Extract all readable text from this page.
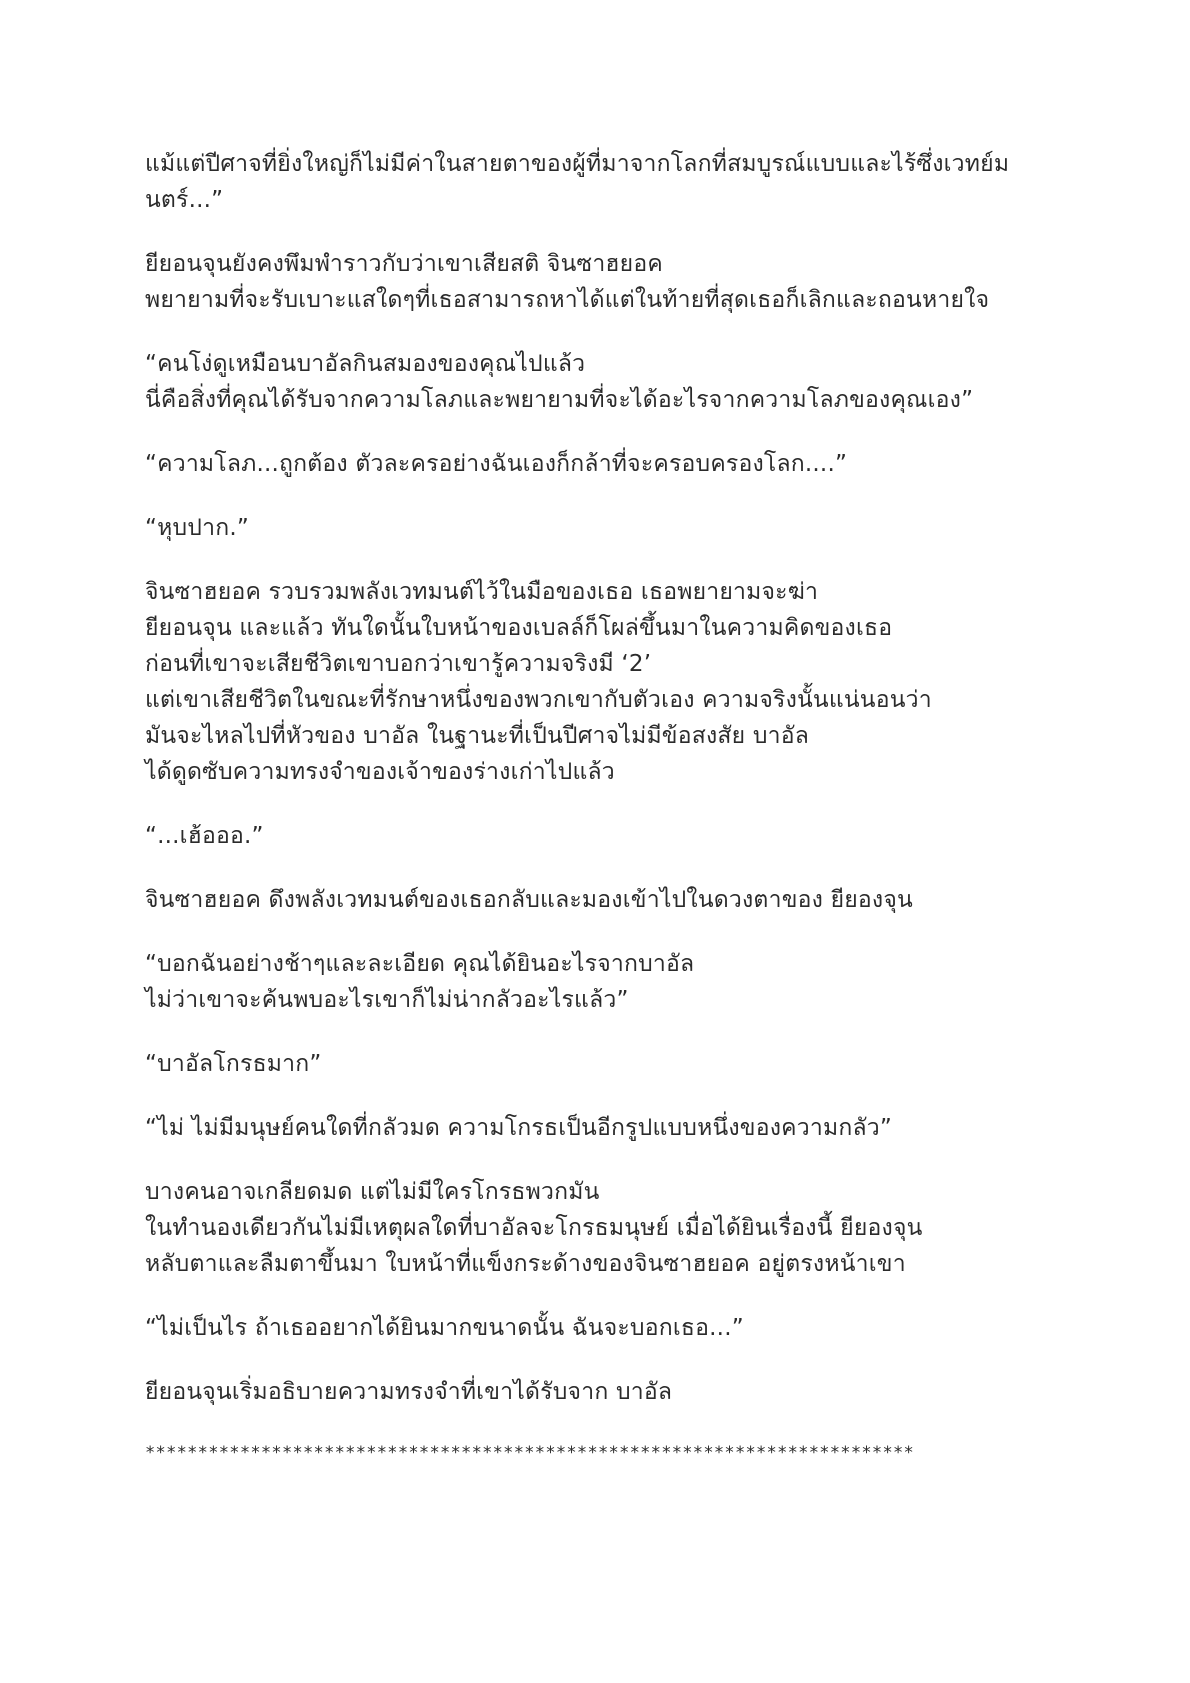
แม้แต่ปีศาจที่ยิ่งใหญ่ก็ไม่มีค่าในสายตาของผู้ที่มาจากโลกที่สมบูรณ์แบบและไร้ซึ่งเวทย์ม
นตร์...”
ยียอนจุนยังคงพึมพำราวกับว่าเขาเสียสติ จินซาฮยอค
พยายามที่จะรับเบาะแสใดๆที่เธอสามารถหาได้แต่ในท้ายที่สุดเธอก็เลิกและถอนหายใจ
“คนโง่ดูเหมือนบาอัลกินสมองของคุณไปแล้ว
นี่คือสิ่งที่คุณได้รับจากความโลภและพยายามที่จะได้อะไรจากความโลภของคุณเอง”
“ความโลภ...ถูกต้อง ตัวละครอย่างฉันเองก็กล้าที่จะครอบครองโลก....”
“หุบปาก.”
จินซาฮยอค รวบรวมพลังเวทมนต์ไว้ในมือของเธอ เธอพยายามจะฆ่า
ยียอนจุน และแล้ว ทันใดนั้นใบหน้าของเบลล์ก็โผล่ขึ้นมาในความคิดของเธอ
ก่อนที่เขาจะเสียชีวิตเขาบอกว่าเขารู้ความจริงมี ‘2’
แต่เขาเสียชีวิตในขณะที่รักษาหนึ่งของพวกเขากับตัวเอง ความจริงนั้นแน่นอนว่า
มันจะไหลไปที่หัวของ บาอัล ในฐานะที่เป็นปีศาจไม่มีข้อสงสัย บาอัล
ได้ดูดซับความทรงจำของเจ้าของร่างเก่าไปแล้ว
“...เฮ้อออ.”
จินซาฮยอค ดึงพลังเวทมนต์ของเธอกลับและมองเข้าไปในดวงตาของ ยียองจุน
“บอกฉันอย่างช้าๆและละเอียด คุณได้ยินอะไรจากบาอัล
ไม่ว่าเขาจะค้นพบอะไรเขาก็ไม่น่ากลัวอะไรแล้ว”
“บาอัลโกรธมาก”
“ไม่ ไม่มีมนุษย์คนใดที่กลัวมด ความโกรธเป็นอีกรูปแบบหนึ่งของความกลัว”
บางคนอาจเกลียดมด แต่ไม่มีใครโกรธพวกมัน
ในทำนองเดียวกันไม่มีเหตุผลใดที่บาอัลจะโกรธมนุษย์ เมื่อได้ยินเรื่องนี้ ยียองจุน
หลับตาและลืมตาขึ้นมา ใบหน้าที่แข็งกระด้างของจินซาฮยอค อยู่ตรงหน้าเขา
“ไม่เป็นไร ถ้าเธออยากได้ยินมากขนาดนั้น ฉันจะบอกเธอ...”
ยียอนจุนเริ่มอธิบายความทรงจำที่เขาได้รับจาก บาอัล
*************************************************************************
